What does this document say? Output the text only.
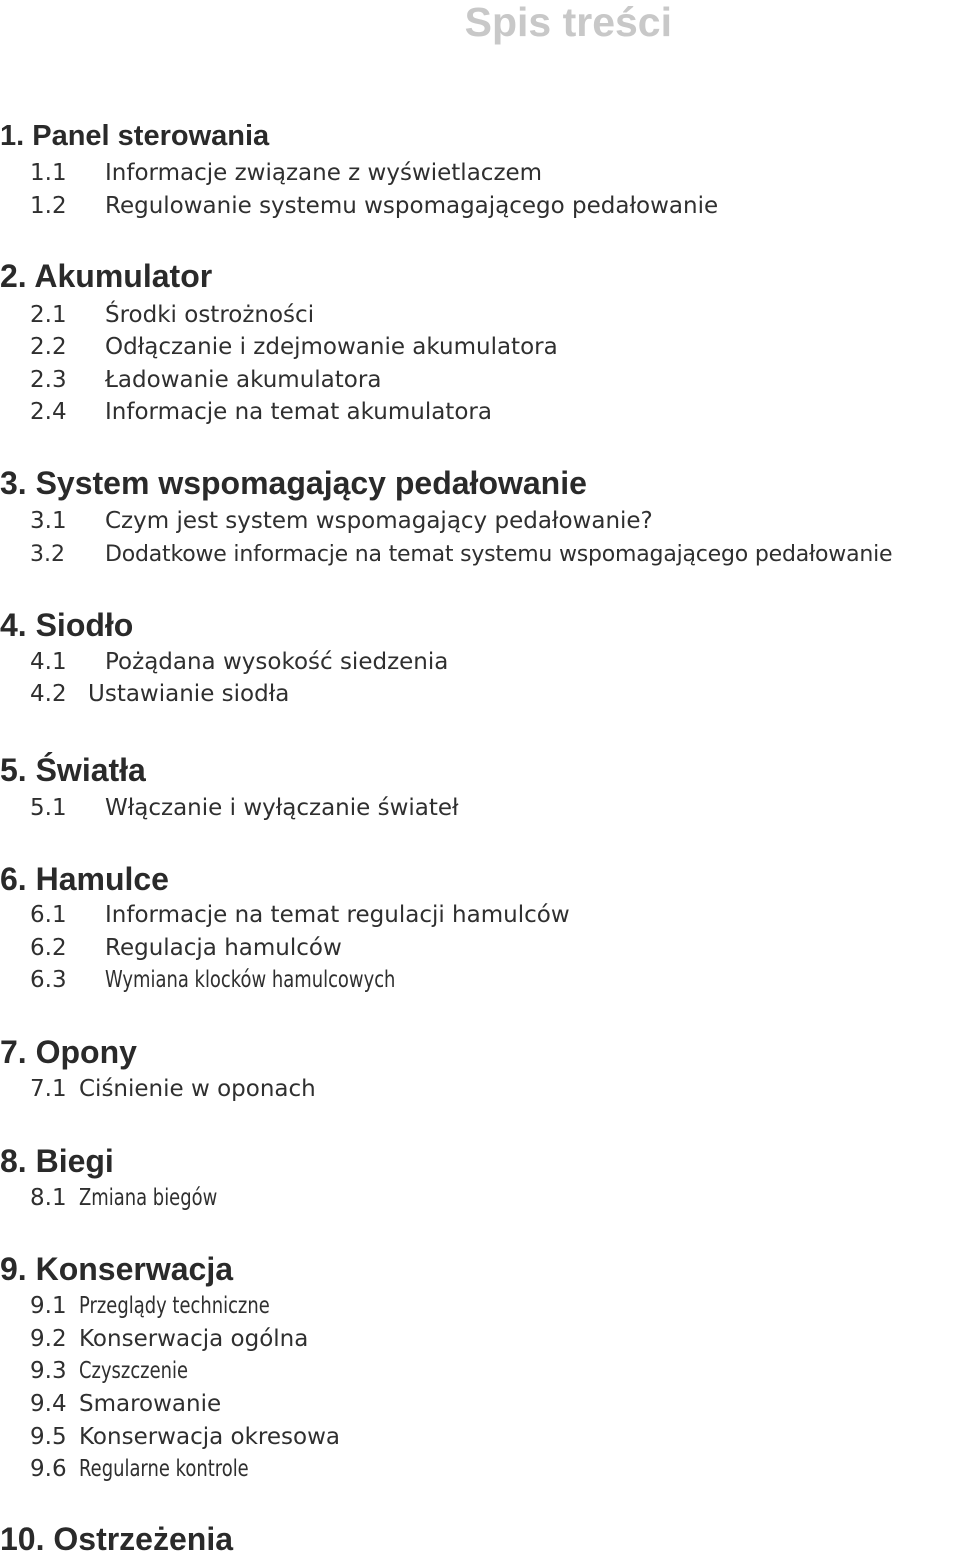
Spis treści
1. Panel sterowania
1.1 Informacje związane z wyświetlaczem
1.2 Regulowanie systemu wspomagającego pedałowanie
2. Akumulator
2.1 Środki ostrożności
2.2 Odłączanie i zdejmowanie akumulatora
2.3 Ładowanie akumulatora
2.4 Informacje na temat akumulatora
3. System wspomagający pedałowanie
3.1 Czym jest system wspomagający pedałowanie?
3.2 Dodatkowe informacje na temat systemu wspomagającego pedałowanie
4. Siodło
4.1 Pożądana wysokość siedzenia
4.2 Ustawianie siodła
5. Światła
5.1 Włączanie i wyłączanie świateł
6. Hamulce
6.1 Informacje na temat regulacji hamulców
6.2 Regulacja hamulców
6.3 Wymiana klocków hamulcowych
7. Opony
7.1 Ciśnienie w oponach
8. Biegi
8.1 Zmiana biegów
9. Konserwacja
9.1 Przeglądy techniczne
9.2 Konserwacja ogólna
9.3 Czyszczenie
9.4 Smarowanie
9.5 Konserwacja okresowa
9.6 Regularne kontrole
10. Ostrzeżenia
